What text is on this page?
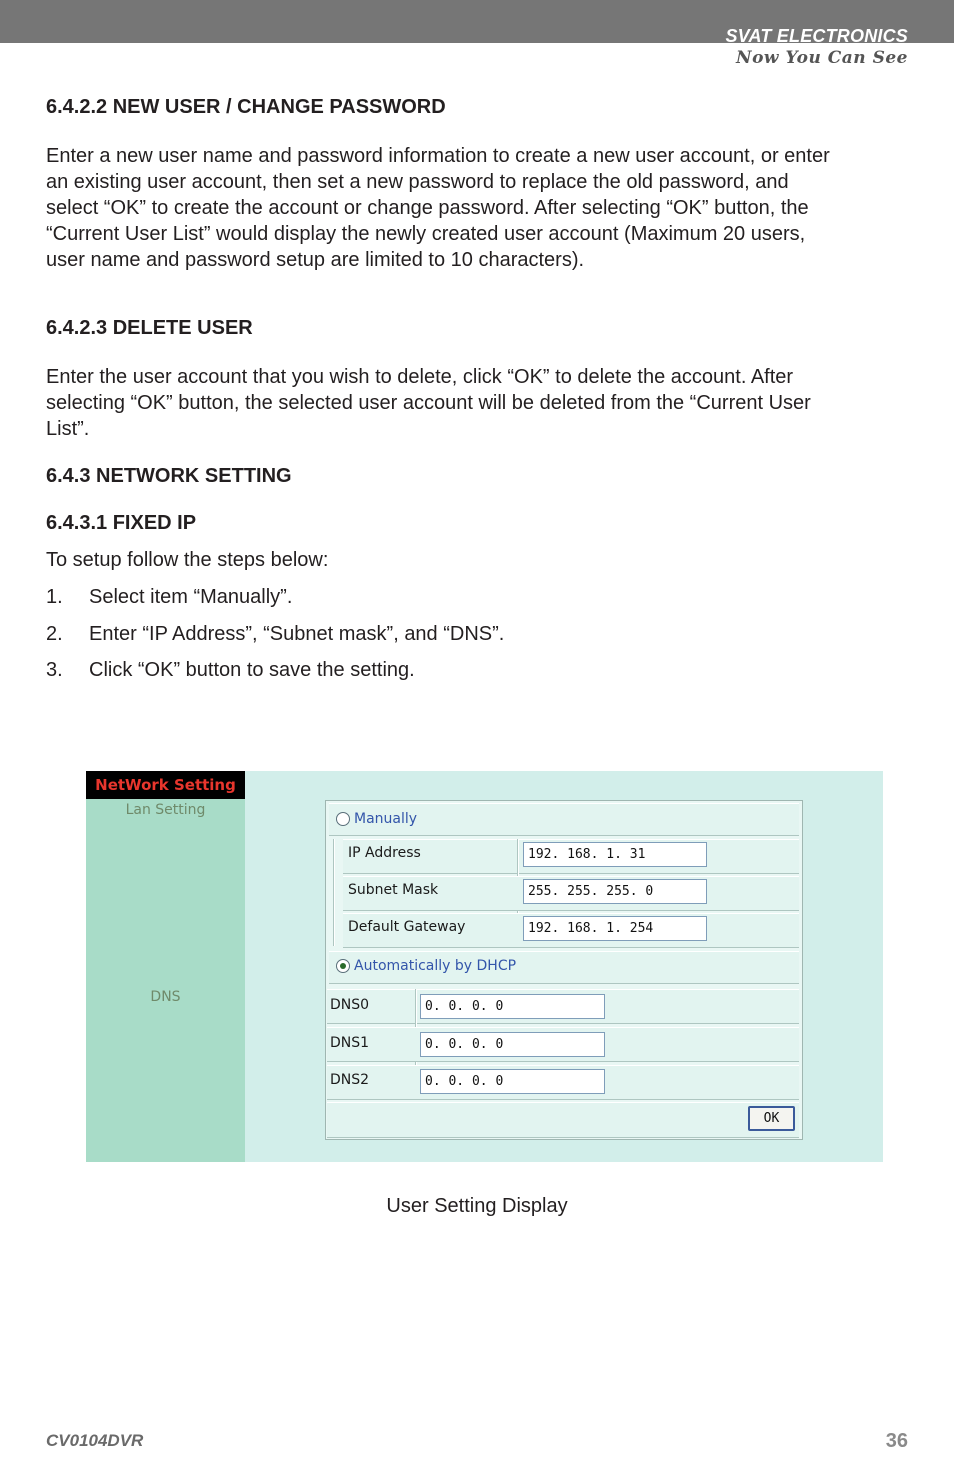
SVAT ELECTRONICS
Now You Can See
6.4.2.2 NEW USER / CHANGE PASSWORD
Enter a new user name and password information to create a new user account, or enter
an existing user account, then set a new password to replace the old password, and
select “OK” to create the account or change password. After selecting “OK” button, the
“Current User List” would display the newly created user account (Maximum 20 users,
user name and password setup are limited to 10 characters).
6.4.2.3 DELETE USER
Enter the user account that you wish to delete, click “OK” to delete the account. After
selecting “OK” button, the selected user account will be deleted from the “Current User
List”.
6.4.3 NETWORK SETTING
6.4.3.1 FIXED IP
To setup follow the steps below:
1. Select item “Manually”.
2. Enter “IP Address”, “Subnet mask”, and “DNS”.
3. Click “OK” button to save the setting.
NetWork Setting
Lan Setting
DNS
Manually
IP Address	192. 168. 1. 31
Subnet Mask	255. 255. 255. 0
Default Gateway	192. 168. 1. 254
Automatically by DHCP
DNS0	0. 0. 0. 0
DNS1	0. 0. 0. 0
DNS2	0. 0. 0. 0
OK
User Setting Display
CV0104DVR	36
